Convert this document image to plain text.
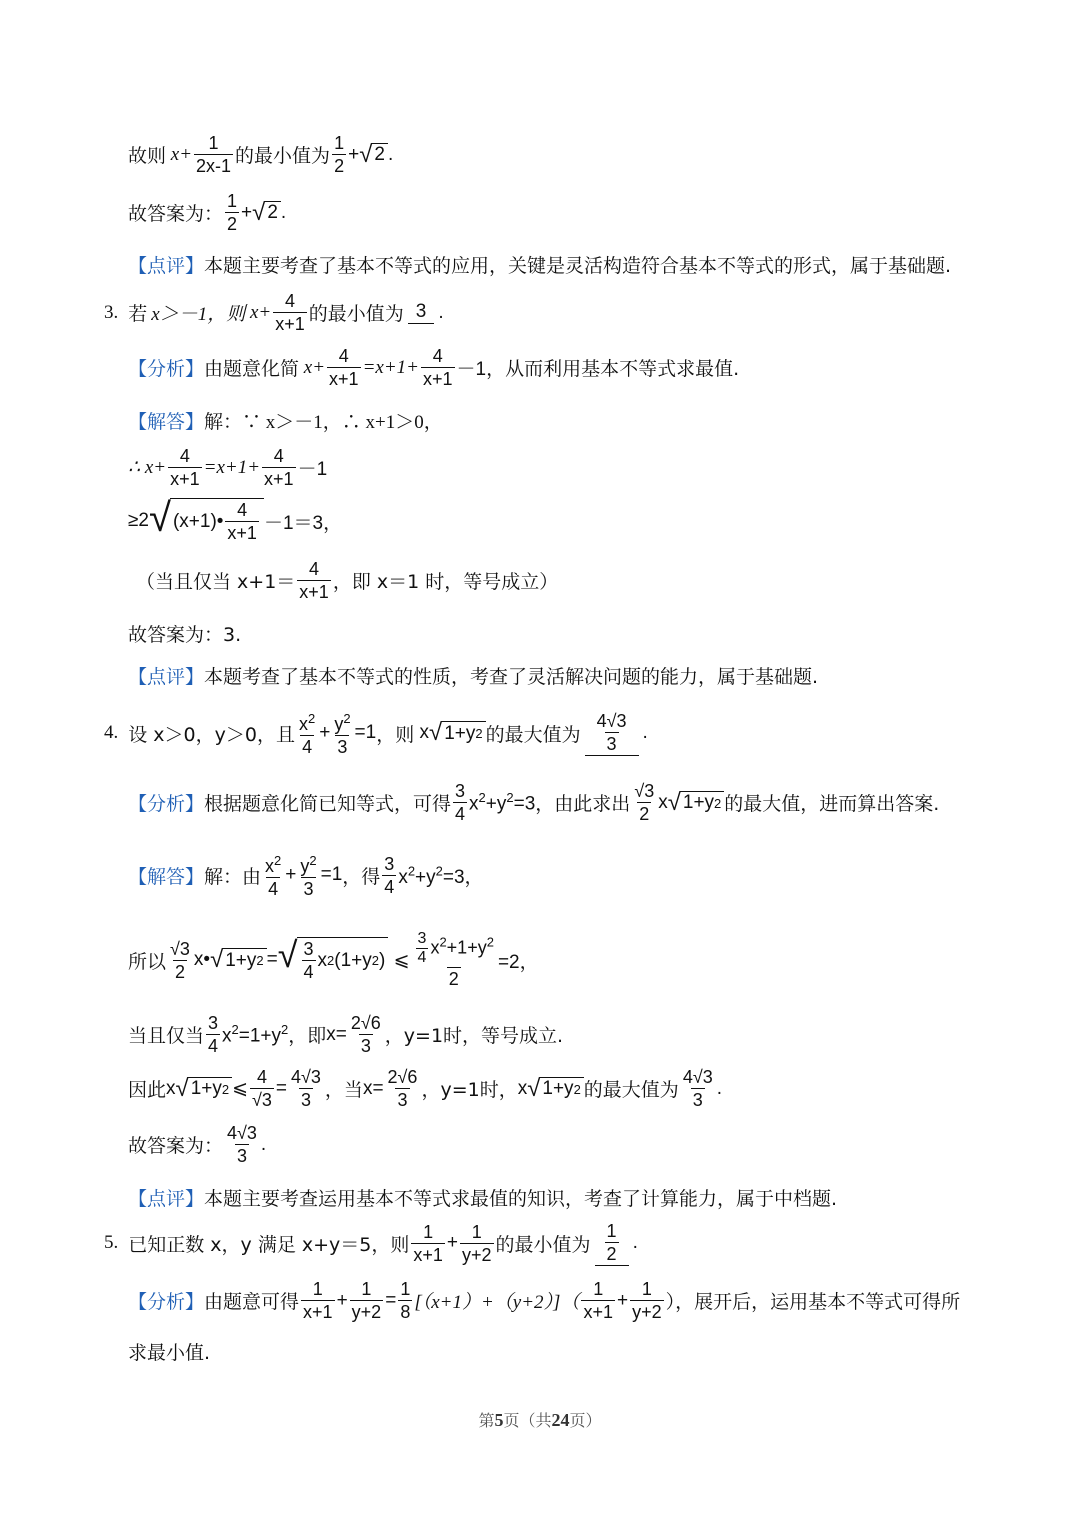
故则 $x+ \frac{1}{2x-1}$ 的最小值为 $\frac{1}{2}$ + √ 2 .
故答案为： $\frac{1}{2}$ + √ 2 .
【点评】 本题主要考查了基本不等式的应用，关键是灵活构造符合基本不等式的形式，属于基础题.
3. 若 x＞－1，则 $x+ \frac{4}{x+1}$ 的最小值为 3 .
【分析】 由题意化简 $x+ \frac{4}{x+1} =x+1+ \frac{4}{x+1} -1$ ，从而利用基本不等式求最值.
【解答】 解：∵ x＞－1，∴ x+1＞0，
∴ $x+ \frac{4}{x+1} =x+1+ \frac{4}{x+1} -1$
≥2 √ (x+1)• $\frac{4}{x+1} -1=3$，
（当且仅当 $x+1= \frac{4}{x+1}$ ，即 x＝1 时，等号成立）
故答案为：3.
【点评】 本题考查了基本不等式的性质，考查了灵活解决问题的能力，属于基础题.
4. 设 x＞0，y＞0，且 $\frac{x^2}{4} + \frac{y^2}{3} =1$ ，则 x √ 1+y 2 的最大值为 $\frac{4√3}{3}$ .
【分析】 根据题意化简已知等式，可得 $\frac{3}{4} x^2+y^2=3$ ，由此求出 $\frac{√3}{2}$ x √ 1+y 2 的最大值，进而算出答案.
【解答】 解：由 $\frac{x^2}{4} + \frac{y^2}{3} =1$ ，得 $\frac{3}{4} x^2+y^2=3$，
所以 $\frac{√3}{2}$ x• √ 1+y 2 = √ $\frac{3}{4}$ x 2 (1+y 2 ) ⩽ $\frac{\frac{3}{4} x^2+1+y^2}{2} =2$，
当且仅当 $\frac{3}{4} x^2=1+y^2$ ，即 $x= \frac{2√6}{3}$ ，y=1时，等号成立.
因此 x √ 1+y 2 ⩽ $\frac{4}{√3} = \frac{4√3}{3}$ ，当 $x= \frac{2√6}{3}$ ，y=1时， x √ 1+y 2 的最大值为 $\frac{4√3}{3}$ .
故答案为： $\frac{4√3}{3}$ .
【点评】 本题主要考查运用基本不等式求最值的知识，考查了计算能力，属于中档题.
5. 已知正数 x，y 满足 x+y＝5，则 $\frac{1}{x+1} + \frac{1}{y+2}$ 的最小值为 $\frac{1}{2}$ .
【分析】 由题意可得 $\frac{1}{x+1} + \frac{1}{y+2} = \frac{1}{8} [(x+1)+(y+2)]( \frac{1}{x+1} + \frac{1}{y+2}$ ），展开后，运用基本不等式可得所
求最小值.
第5页（共24页）
